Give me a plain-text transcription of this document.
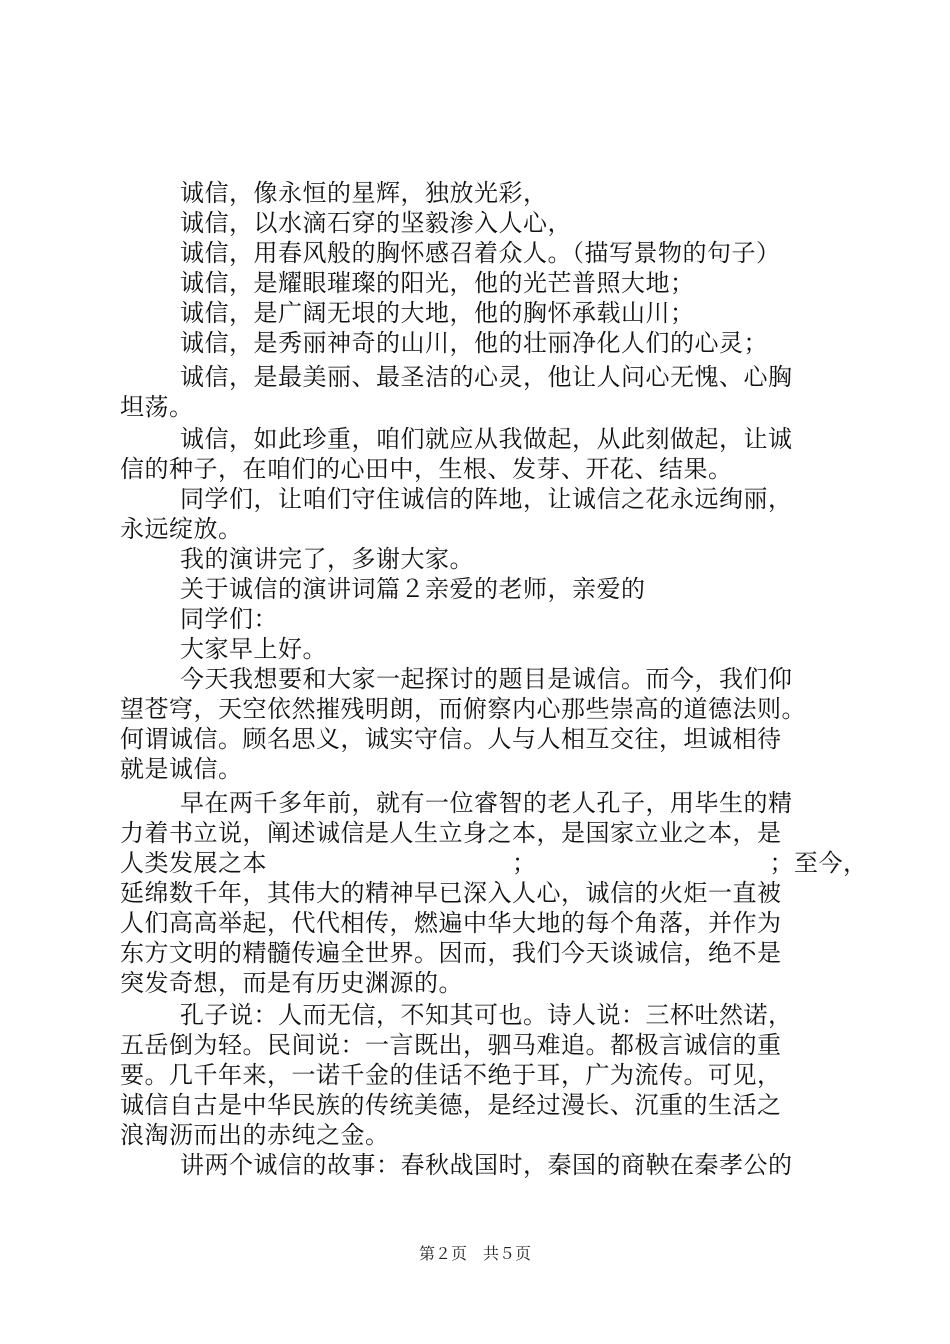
诚信，像永恒的星辉，独放光彩，
诚信，以水滴石穿的坚毅渗入人心，
诚信，用春风般的胸怀感召着众人。（描写景物的句子）
诚信，是耀眼璀璨的阳光，他的光芒普照大地；
诚信，是广阔无垠的大地，他的胸怀承载山川；
诚信，是秀丽神奇的山川，他的壮丽净化人们的心灵；
诚信，是最美丽、最圣洁的心灵，他让人问心无愧、心胸
坦荡。
诚信，如此珍重，咱们就应从我做起，从此刻做起，让诚
信的种子，在咱们的心田中，生根、发芽、开花、结果。
同学们，让咱们守住诚信的阵地，让诚信之花永远绚丽，
永远绽放。
我的演讲完了，多谢大家。
关于诚信的演讲词篇２亲爱的老师，亲爱的
同学们：
大家早上好。
今天我想要和大家一起探讨的题目是诚信。而今，我们仰
望苍穹，天空依然摧残明朗，而俯察内心那些崇高的道德法则。
何谓诚信。顾名思义，诚实守信。人与人相互交往，坦诚相待
就是诚信。
早在两千多年前，就有一位睿智的老人孔子，用毕生的精
力着书立说，阐述诚信是人生立身之本，是国家立业之本，是
人类发展之本　　　　　　　　　　；　　　　　　　　　　；至今，
延绵数千年，其伟大的精神早已深入人心，诚信的火炬一直被
人们高高举起，代代相传，燃遍中华大地的每个角落，并作为
东方文明的精髓传遍全世界。因而，我们今天谈诚信，绝不是
突发奇想，而是有历史渊源的。
孔子说：人而无信，不知其可也。诗人说：三杯吐然诺，
五岳倒为轻。民间说：一言既出，驷马难追。都极言诚信的重
要。几千年来，一诺千金的佳话不绝于耳，广为流传。可见，
诚信自古是中华民族的传统美德，是经过漫长、沉重的生活之
浪淘沥而出的赤纯之金。
讲两个诚信的故事：春秋战国时，秦国的商鞅在秦孝公的
第２页　共５页
